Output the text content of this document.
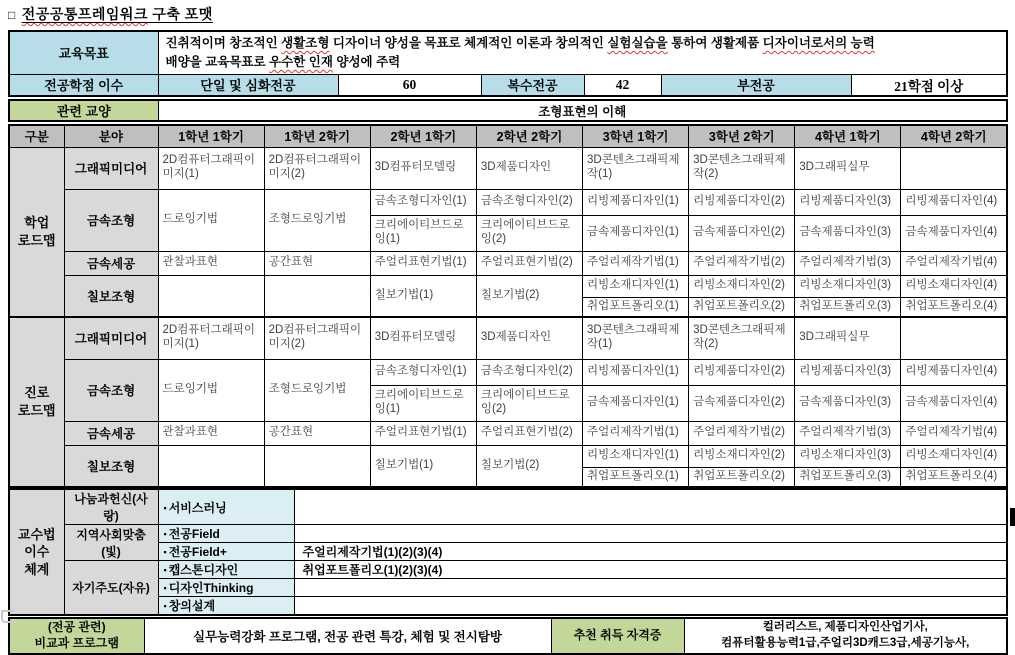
□ 전공공통프레임워크 구축 포맷
교육목표	진취적이며 창조적인 생활조형 디자이너 양성을 목표로 체계적인 이론과 창의적인 실험실습을 통하여 생활제품 디자이너로서의 능력
배양을 교육목표로 우수한 인재 양성에 주력					
전공학점 이수	단일 및 심화전공	60	복수전공	42	부전공	21학점 이상
관련 교양	조형표현의 이해
구분	분야	1학년 1학기	1학년 2학기	2학년 1학기	2학년 2학기	3학년 1학기	3학년 2학기	4학년 1학기	4학년 2학기

학업
로드맵	그래픽미디어	2D컴퓨터그래픽이미지(1)	2D컴퓨터그래픽이미지(2)	3D컴퓨터모델링	3D제품디자인	3D콘텐츠그래픽제작(1)	3D콘텐츠그래픽제작(2)	3D그래픽실무	
	금속조형	드로잉기법	조형드로잉기법	금속조형디자인(1)	금속조형디자인(2)	리빙제품디자인(1)	리빙제품디자인(2)	리빙제품디자인(3)	리빙제품디자인(4)
				크리에이티브드로잉(1)	크리에이티브드로잉(2)	금속제품디자인(1)	금속제품디자인(2)	금속제품디자인(3)	금속제품디자인(4)
	금속세공	관찰과표현	공간표현	주얼리표현기법(1)	주얼리표현기법(2)	주얼리제작기법(1)	주얼리제작기법(2)	주얼리제작기법(3)	주얼리제작기법(4)
	칠보조형			칠보기법(1)	칠보기법(2)	리빙소재디자인(1)	리빙소재디자인(2)	리빙소재디자인(3)	리빙소재디자인(4)
						취업포트폴리오(1)	취업포트폴리오(2)	취업포트폴리오(3)	취업포트폴리오(4)

진로
로드맵	그래픽미디어	2D컴퓨터그래픽이미지(1)	2D컴퓨터그래픽이미지(2)	3D컴퓨터모델링	3D제품디자인	3D콘텐츠그래픽제작(1)	3D콘텐츠그래픽제작(2)	3D그래픽실무	
	금속조형	드로잉기법	조형드로잉기법	금속조형디자인(1)	금속조형디자인(2)	리빙제품디자인(1)	리빙제품디자인(2)	리빙제품디자인(3)	리빙제품디자인(4)
				크리에이티브드로잉(1)	크리에이티브드로잉(2)	금속제품디자인(1)	금속제품디자인(2)	금속제품디자인(3)	금속제품디자인(4)
	금속세공	관찰과표현	공간표현	주얼리표현기법(1)	주얼리표현기법(2)	주얼리제작기법(1)	주얼리제작기법(2)	주얼리제작기법(3)	주얼리제작기법(4)
	칠보조형			칠보기법(1)	칠보기법(2)	리빙소재디자인(1)	리빙소재디자인(2)	리빙소재디자인(3)	리빙소재디자인(4)
						취업포트폴리오(1)	취업포트폴리오(2)	취업포트폴리오(3)	취업포트폴리오(4)
교수법
이수
체계	나눔과헌신(사랑)	▪ 서비스러닝	
	지역사회맞춤(빛)	▪ 전공Field	
		▪ 전공Field+	주얼리제작기법(1)(2)(3)(4)
	자기주도(자유)	▪ 캡스톤디자인	취업포트폴리오(1)(2)(3)(4)
		▪ 디자인Thinking	
		▪ 창의설계	
(전공 관련)
비교과 프로그램	실무능력강화 프로그램, 전공 관련 특강, 체험 및 전시탐방	추천 취득 자격증	
컬러리스트, 제품디자인산업기사,
컴퓨터활용능력1급,주얼리3D캐드3급,세공기능사,
